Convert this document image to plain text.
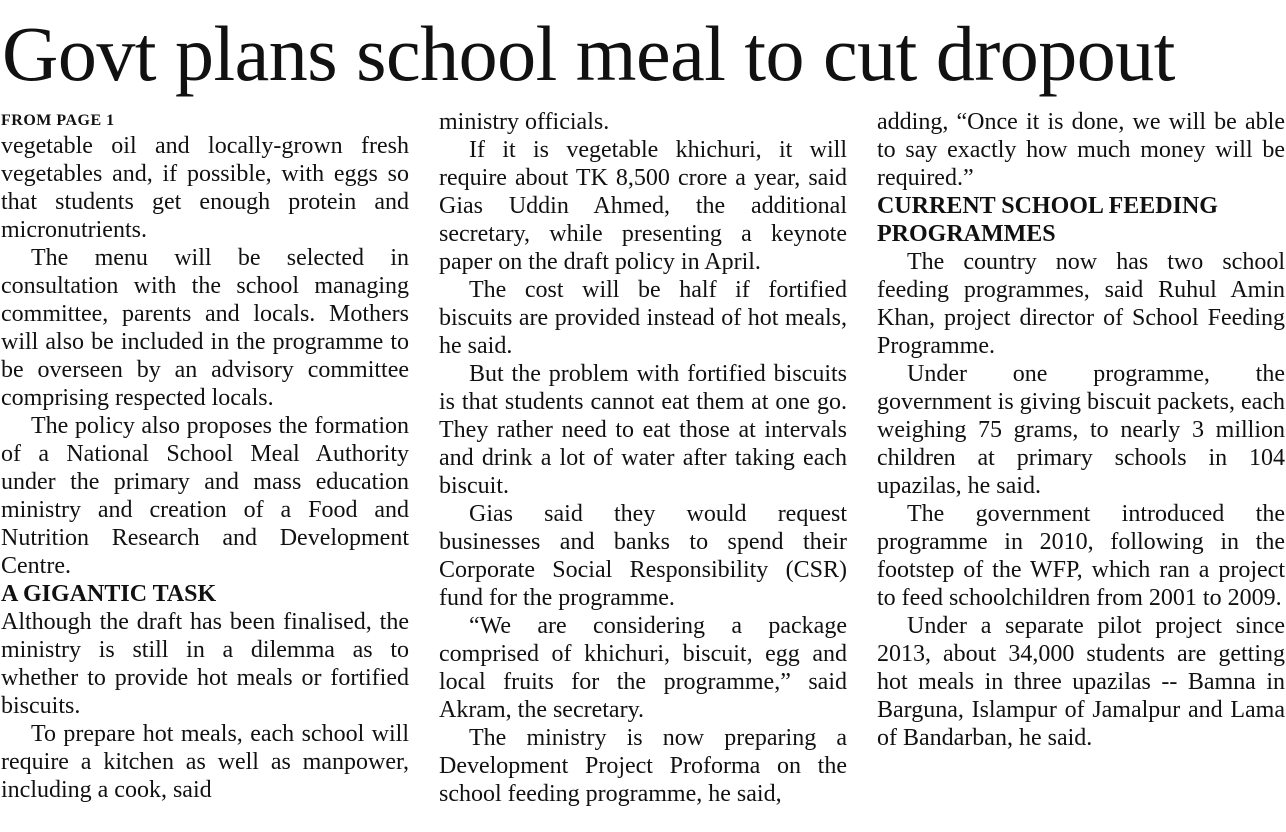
Govt plans school meal to cut dropout
FROM PAGE 1

vegetable oil and locally-grown fresh vegetables and, if possible, with eggs so that students get enough protein and micronutrients.

The menu will be selected in consultation with the school managing committee, parents and locals. Mothers will also be included in the programme to be overseen by an advisory committee comprising respected locals.

The policy also proposes the formation of a National School Meal Authority under the primary and mass education ministry and creation of a Food and Nutrition Research and Development Centre.

A GIGANTIC TASK

Although the draft has been finalised, the ministry is still in a dilemma as to whether to provide hot meals or fortified biscuits.

To prepare hot meals, each school will require a kitchen as well as manpower, including a cook, said

ministry officials.

If it is vegetable khichuri, it will require about TK 8,500 crore a year, said Gias Uddin Ahmed, the additional secretary, while presenting a keynote paper on the draft policy in April.

The cost will be half if fortified biscuits are provided instead of hot meals, he said.

But the problem with fortified biscuits is that students cannot eat them at one go. They rather need to eat those at intervals and drink a lot of water after taking each biscuit.

Gias said they would request businesses and banks to spend their Corporate Social Responsibility (CSR) fund for the programme.

“We are considering a package comprised of khichuri, biscuit, egg and local fruits for the programme,” said Akram, the secretary.

The ministry is now preparing a Development Project Proforma on the school feeding programme, he said,

adding, “Once it is done, we will be able to say exactly how much money will be required.”

CURRENT SCHOOL FEEDING PROGRAMMES

The country now has two school feeding programmes, said Ruhul Amin Khan, project director of School Feeding Programme.

Under one programme, the government is giving biscuit packets, each weighing 75 grams, to nearly 3 million children at primary schools in 104 upazilas, he said.

The government introduced the programme in 2010, following in the footstep of the WFP, which ran a project to feed schoolchildren from 2001 to 2009.

Under a separate pilot project since 2013, about 34,000 students are getting hot meals in three upazilas -- Bamna in Barguna, Islampur of Jamalpur and Lama of Bandarban, he said.
